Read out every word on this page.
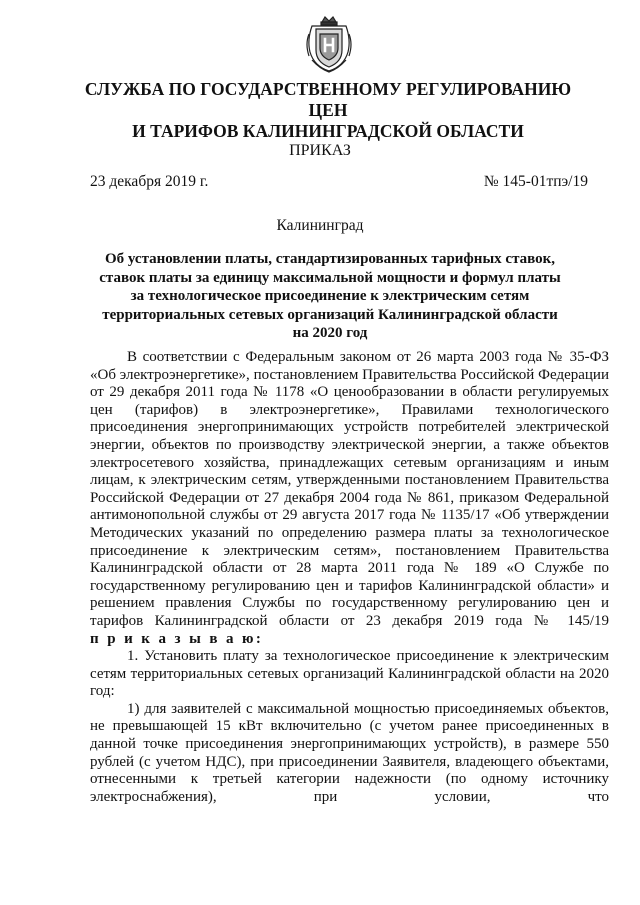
СЛУЖБА ПО ГОСУДАРСТВЕННОМУ РЕГУЛИРОВАНИЮ ЦЕН
И ТАРИФОВ КАЛИНИНГРАДСКОЙ ОБЛАСТИ
ПРИКАЗ
23 декабря 2019 г.	№ 145-01тпэ/19
Калининград
Об установлении платы, стандартизированных тарифных ставок,
ставок платы за единицу максимальной мощности и формул платы
за технологическое присоединение к электрическим сетям
территориальных сетевых организаций Калининградской области
на 2020 год

В соответствии с Федеральным законом от 26 марта 2003 года № 35-ФЗ «Об электроэнергетике», постановлением Правительства Российской Федерации от 29 декабря 2011 года № 1178 «О ценообразовании в области регулируемых цен (тарифов) в электроэнергетике», Правилами технологического присоединения энергопринимающих устройств потребителей электрической энергии, объектов по производству электрической энергии, а также объектов электросетевого хозяйства, принадлежащих сетевым организациям и иным лицам, к электрическим сетям, утвержденными постановлением Правительства Российской Федерации от 27 декабря 2004 года № 861, приказом Федеральной антимонопольной службы от 29 августа 2017 года № 1135/17 «Об утверждении Методических указаний по определению размера платы за технологическое присоединение к электрическим сетям», постановлением Правительства Калининградской области от 28 марта 2011 года № 189 «О Службе по государственному регулированию цен и тарифов Калининградской области» и решением правления Службы по государственному регулированию цен и тарифов Калининградской области от 23 декабря 2019 года № 145/19

п р и к а з ы в а ю:

1. Установить плату за технологическое присоединение к электрическим сетям территориальных сетевых организаций Калининградской области на 2020 год:

1) для заявителей с максимальной мощностью присоединяемых объектов, не превышающей 15 кВт включительно (с учетом ранее присоединенных в данной точке присоединения энергопринимающих устройств), в размере 550 рублей (с учетом НДС), при присоединении Заявителя, владеющего объектами, отнесенными к третьей категории надежности (по одному источнику электроснабжения), при условии, что
